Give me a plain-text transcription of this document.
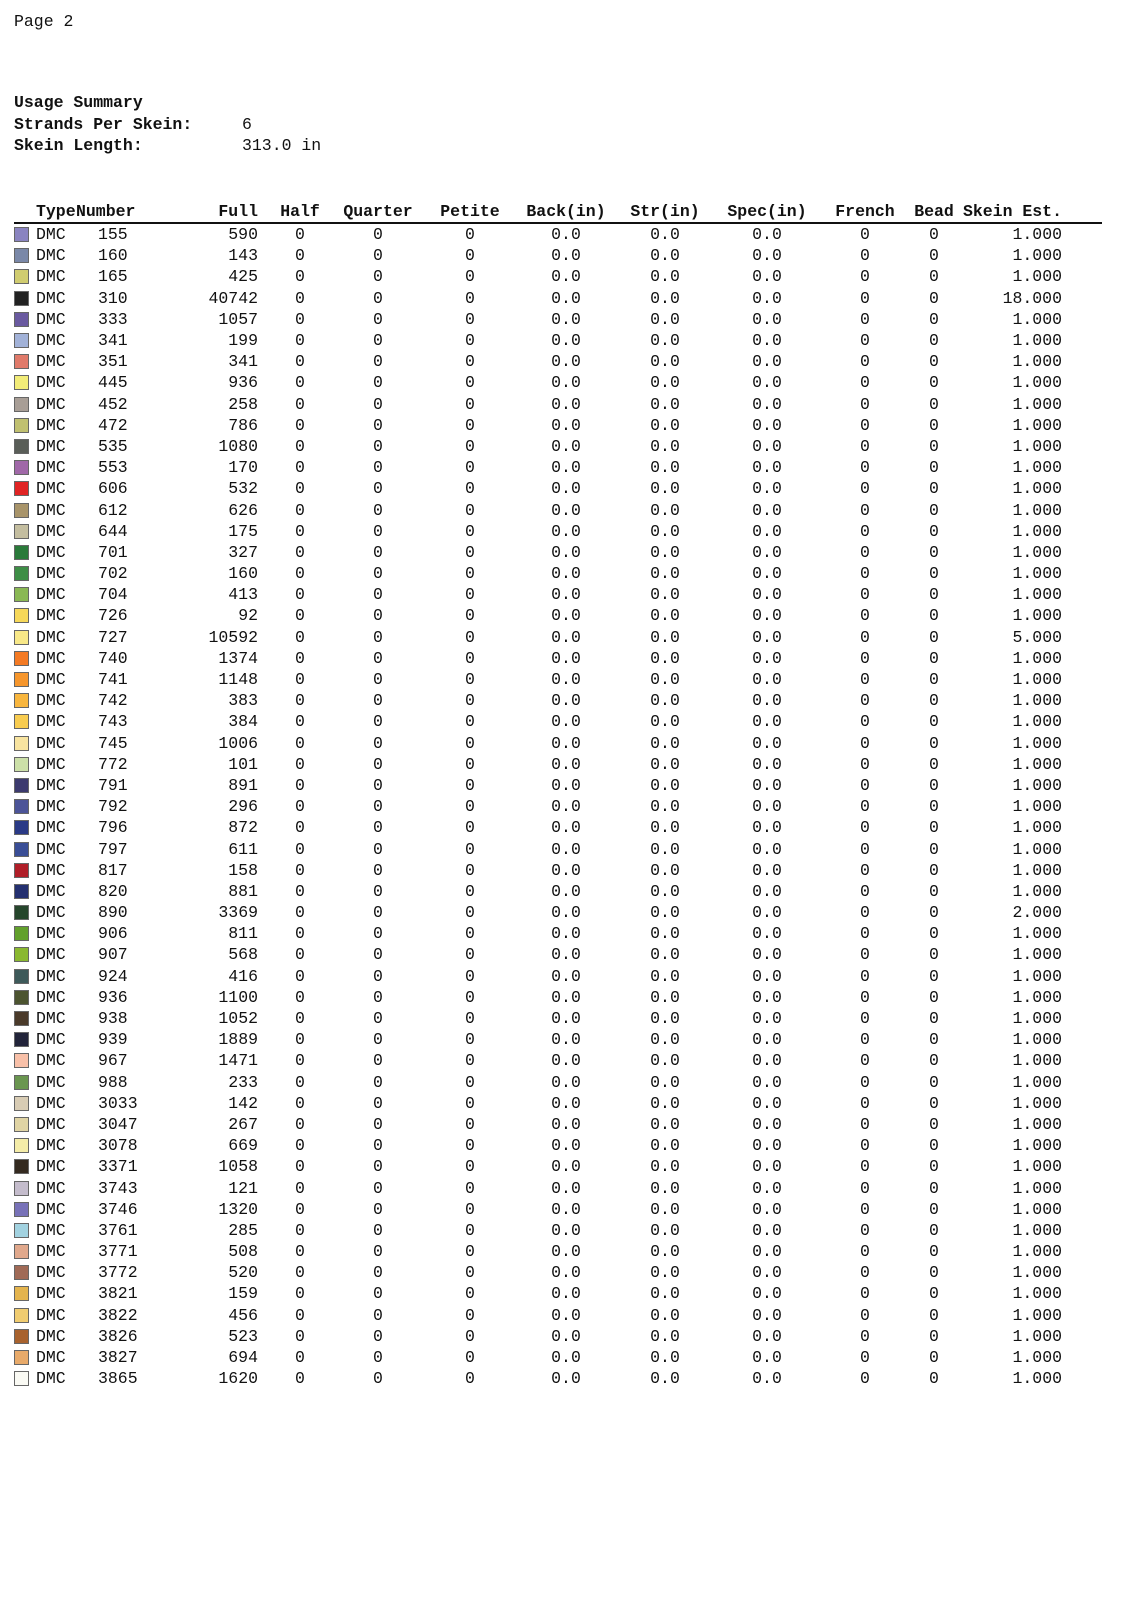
Page 2
Usage Summary
Strands Per Skein:	6
Skein Length:	313.0 in
Type Number	Full	Half	Quarter	Petite	Back(in)	Str(in)	Spec(in)	French	Bead Skein Est.
DMC	155	590	0	0	0	0.0	0.0	0.0	0	0	1.000
DMC	160	143	0	0	0	0.0	0.0	0.0	0	0	1.000
DMC	165	425	0	0	0	0.0	0.0	0.0	0	0	1.000
DMC	310	40742	0	0	0	0.0	0.0	0.0	0	0	18.000
DMC	333	1057	0	0	0	0.0	0.0	0.0	0	0	1.000
DMC	341	199	0	0	0	0.0	0.0	0.0	0	0	1.000
DMC	351	341	0	0	0	0.0	0.0	0.0	0	0	1.000
DMC	445	936	0	0	0	0.0	0.0	0.0	0	0	1.000
DMC	452	258	0	0	0	0.0	0.0	0.0	0	0	1.000
DMC	472	786	0	0	0	0.0	0.0	0.0	0	0	1.000
DMC	535	1080	0	0	0	0.0	0.0	0.0	0	0	1.000
DMC	553	170	0	0	0	0.0	0.0	0.0	0	0	1.000
DMC	606	532	0	0	0	0.0	0.0	0.0	0	0	1.000
DMC	612	626	0	0	0	0.0	0.0	0.0	0	0	1.000
DMC	644	175	0	0	0	0.0	0.0	0.0	0	0	1.000
DMC	701	327	0	0	0	0.0	0.0	0.0	0	0	1.000
DMC	702	160	0	0	0	0.0	0.0	0.0	0	0	1.000
DMC	704	413	0	0	0	0.0	0.0	0.0	0	0	1.000
DMC	726	92	0	0	0	0.0	0.0	0.0	0	0	1.000
DMC	727	10592	0	0	0	0.0	0.0	0.0	0	0	5.000
DMC	740	1374	0	0	0	0.0	0.0	0.0	0	0	1.000
DMC	741	1148	0	0	0	0.0	0.0	0.0	0	0	1.000
DMC	742	383	0	0	0	0.0	0.0	0.0	0	0	1.000
DMC	743	384	0	0	0	0.0	0.0	0.0	0	0	1.000
DMC	745	1006	0	0	0	0.0	0.0	0.0	0	0	1.000
DMC	772	101	0	0	0	0.0	0.0	0.0	0	0	1.000
DMC	791	891	0	0	0	0.0	0.0	0.0	0	0	1.000
DMC	792	296	0	0	0	0.0	0.0	0.0	0	0	1.000
DMC	796	872	0	0	0	0.0	0.0	0.0	0	0	1.000
DMC	797	611	0	0	0	0.0	0.0	0.0	0	0	1.000
DMC	817	158	0	0	0	0.0	0.0	0.0	0	0	1.000
DMC	820	881	0	0	0	0.0	0.0	0.0	0	0	1.000
DMC	890	3369	0	0	0	0.0	0.0	0.0	0	0	2.000
DMC	906	811	0	0	0	0.0	0.0	0.0	0	0	1.000
DMC	907	568	0	0	0	0.0	0.0	0.0	0	0	1.000
DMC	924	416	0	0	0	0.0	0.0	0.0	0	0	1.000
DMC	936	1100	0	0	0	0.0	0.0	0.0	0	0	1.000
DMC	938	1052	0	0	0	0.0	0.0	0.0	0	0	1.000
DMC	939	1889	0	0	0	0.0	0.0	0.0	0	0	1.000
DMC	967	1471	0	0	0	0.0	0.0	0.0	0	0	1.000
DMC	988	233	0	0	0	0.0	0.0	0.0	0	0	1.000
DMC	3033	142	0	0	0	0.0	0.0	0.0	0	0	1.000
DMC	3047	267	0	0	0	0.0	0.0	0.0	0	0	1.000
DMC	3078	669	0	0	0	0.0	0.0	0.0	0	0	1.000
DMC	3371	1058	0	0	0	0.0	0.0	0.0	0	0	1.000
DMC	3743	121	0	0	0	0.0	0.0	0.0	0	0	1.000
DMC	3746	1320	0	0	0	0.0	0.0	0.0	0	0	1.000
DMC	3761	285	0	0	0	0.0	0.0	0.0	0	0	1.000
DMC	3771	508	0	0	0	0.0	0.0	0.0	0	0	1.000
DMC	3772	520	0	0	0	0.0	0.0	0.0	0	0	1.000
DMC	3821	159	0	0	0	0.0	0.0	0.0	0	0	1.000
DMC	3822	456	0	0	0	0.0	0.0	0.0	0	0	1.000
DMC	3826	523	0	0	0	0.0	0.0	0.0	0	0	1.000
DMC	3827	694	0	0	0	0.0	0.0	0.0	0	0	1.000
DMC	3865	1620	0	0	0	0.0	0.0	0.0	0	0	1.000
